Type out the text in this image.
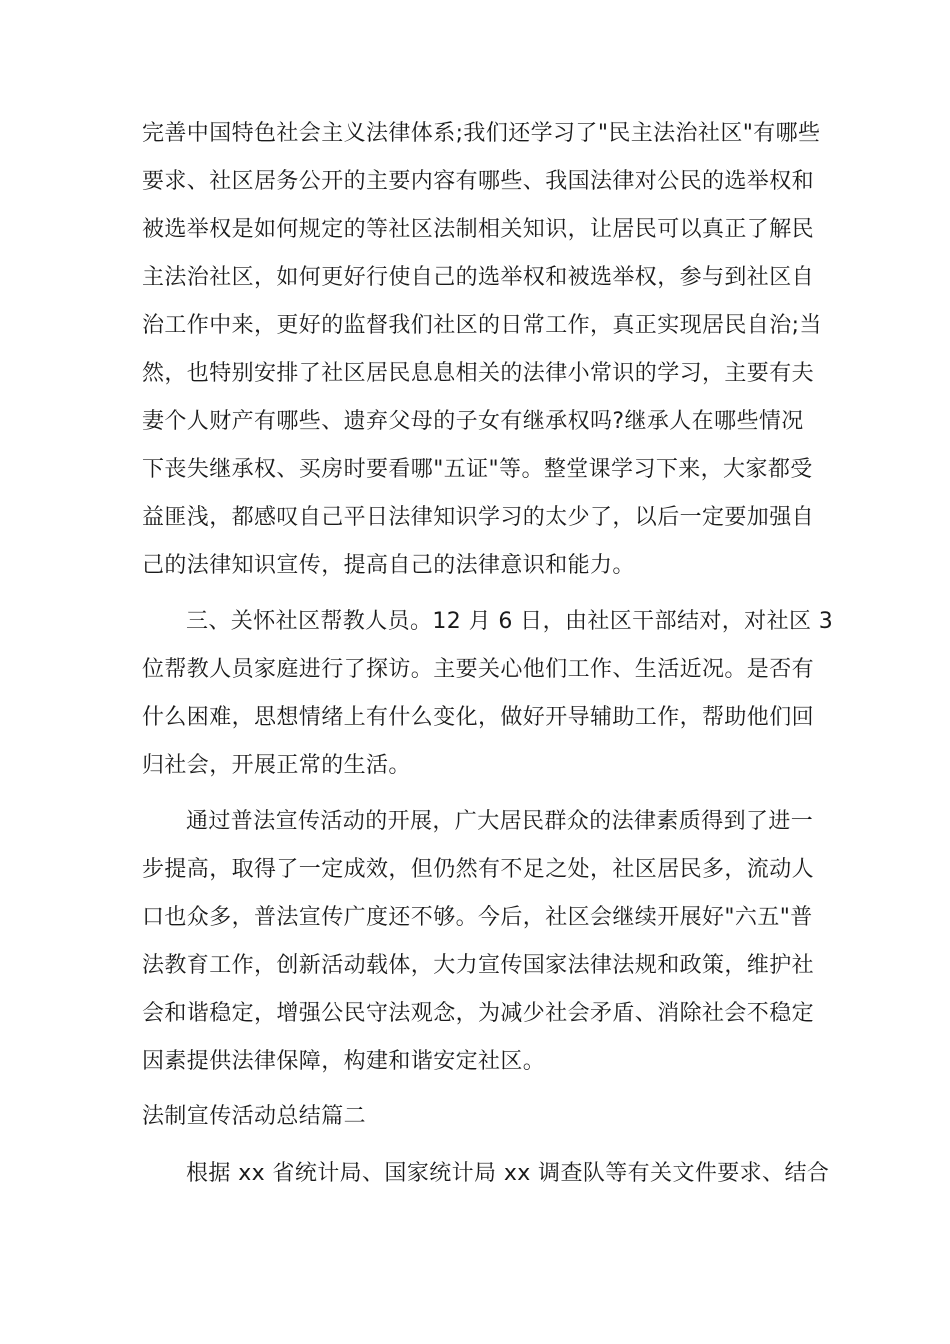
完善中国特色社会主义法律体系;我们还学习了"民主法治社区"有哪些

要求、社区居务公开的主要内容有哪些、我国法律对公民的选举权和

被选举权是如何规定的等社区法制相关知识，让居民可以真正了解民

主法治社区，如何更好行使自己的选举权和被选举权，参与到社区自

治工作中来，更好的监督我们社区的日常工作，真正实现居民自治;当

然，也特别安排了社区居民息息相关的法律小常识的学习，主要有夫

妻个人财产有哪些、遗弃父母的子女有继承权吗?继承人在哪些情况

下丧失继承权、买房时要看哪"五证"等。整堂课学习下来，大家都受

益匪浅，都感叹自己平日法律知识学习的太少了，以后一定要加强自

己的法律知识宣传，提高自己的法律意识和能力。

三、关怀社区帮教人员。12 月 6 日，由社区干部结对，对社区 3

位帮教人员家庭进行了探访。主要关心他们工作、生活近况。是否有

什么困难，思想情绪上有什么变化，做好开导辅助工作，帮助他们回

归社会，开展正常的生活。

通过普法宣传活动的开展，广大居民群众的法律素质得到了进一

步提高，取得了一定成效，但仍然有不足之处，社区居民多，流动人

口也众多，普法宣传广度还不够。今后，社区会继续开展好"六五"普

法教育工作，创新活动载体，大力宣传国家法律法规和政策，维护社

会和谐稳定，增强公民守法观念，为减少社会矛盾、消除社会不稳定

因素提供法律保障，构建和谐安定社区。

法制宣传活动总结篇二

根据 xx 省统计局、国家统计局 xx 调查队等有关文件要求、结合
